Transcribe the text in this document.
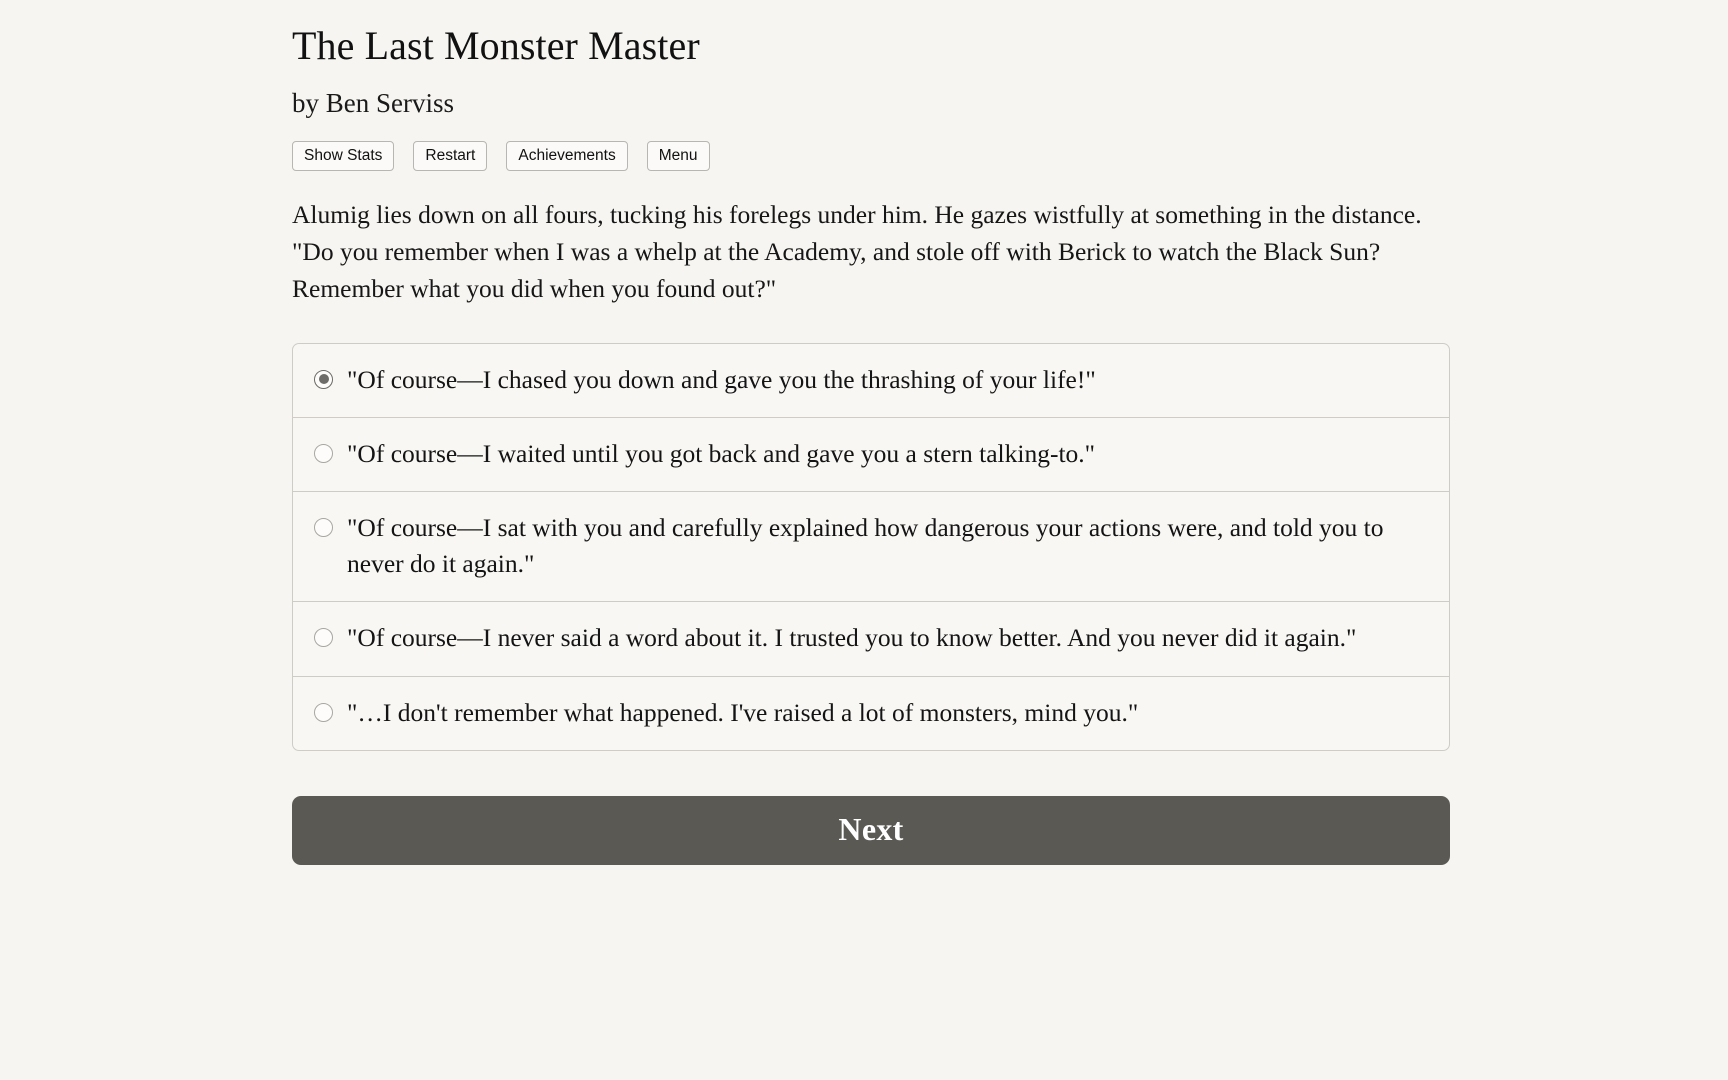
The Last Monster Master

by Ben Serviss

Show Stats	Restart	Achievements	Menu

Alumig lies down on all fours, tucking his forelegs under him. He gazes wistfully at something in the distance. "Do you remember when I was a whelp at the Academy, and stole off with Berick to watch the Black Sun? Remember what you did when you found out?"

"Of course—I chased you down and gave you the thrashing of your life!"
"Of course—I waited until you got back and gave you a stern talking-to."
"Of course—I sat with you and carefully explained how dangerous your actions were, and told you to never do it again."
"Of course—I never said a word about it. I trusted you to know better. And you never did it again."
"…I don't remember what happened. I've raised a lot of monsters, mind you."
Next
